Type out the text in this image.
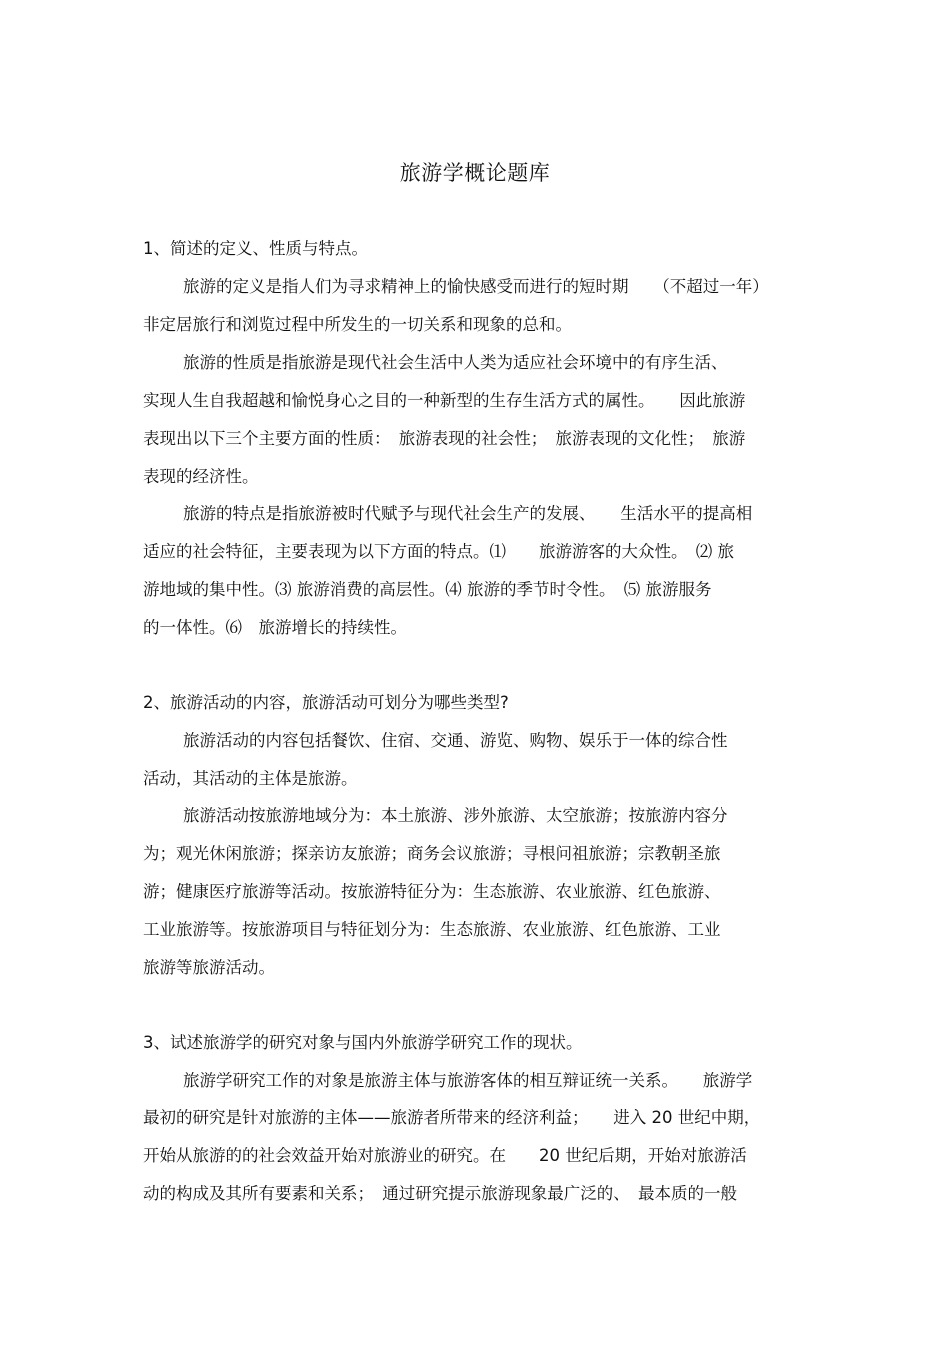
旅游学概论题库
1、简述的定义、性质与特点。
旅游的定义是指人们为寻求精神上的愉快感受而进行的短时期　　（不超过一年）
非定居旅行和浏览过程中所发生的一切关系和现象的总和。
旅游的性质是指旅游是现代社会生活中人类为适应社会环境中的有序生活、
实现人生自我超越和愉悦身心之目的一种新型的生存生活方式的属性。　　因此旅游
表现出以下三个主要方面的性质：　旅游表现的社会性；　旅游表现的文化性；　旅游
表现的经济性。
旅游的特点是指旅游被时代赋予与现代社会生产的发展、　　生活水平的提高相
适应的社会特征，主要表现为以下方面的特点。⑴　　旅游游客的大众性。　⑵ 旅
游地域的集中性。⑶ 旅游消费的高层性。⑷ 旅游的季节时令性。　⑸ 旅游服务
的一体性。⑹　旅游增长的持续性。
2、旅游活动的内容，旅游活动可划分为哪些类型?
旅游活动的内容包括餐饮、住宿、交通、游览、购物、娱乐于一体的综合性
活动，其活动的主体是旅游。
旅游活动按旅游地域分为：本土旅游、涉外旅游、太空旅游；按旅游内容分
为；观光休闲旅游；探亲访友旅游；商务会议旅游；寻根问祖旅游；宗教朝圣旅
游；健康医疗旅游等活动。按旅游特征分为：生态旅游、农业旅游、红色旅游、
工业旅游等。按旅游项目与特征划分为：生态旅游、农业旅游、红色旅游、工业
旅游等旅游活动。
3、试述旅游学的研究对象与国内外旅游学研究工作的现状。
旅游学研究工作的对象是旅游主体与旅游客体的相互辩证统一关系。　　旅游学
最初的研究是针对旅游的主体——旅游者所带来的经济利益；　　进入 20 世纪中期，
开始从旅游的的社会效益开始对旅游业的研究。在　　20 世纪后期，开始对旅游活
动的构成及其所有要素和关系；　通过研究提示旅游现象最广泛的、　最本质的一般
